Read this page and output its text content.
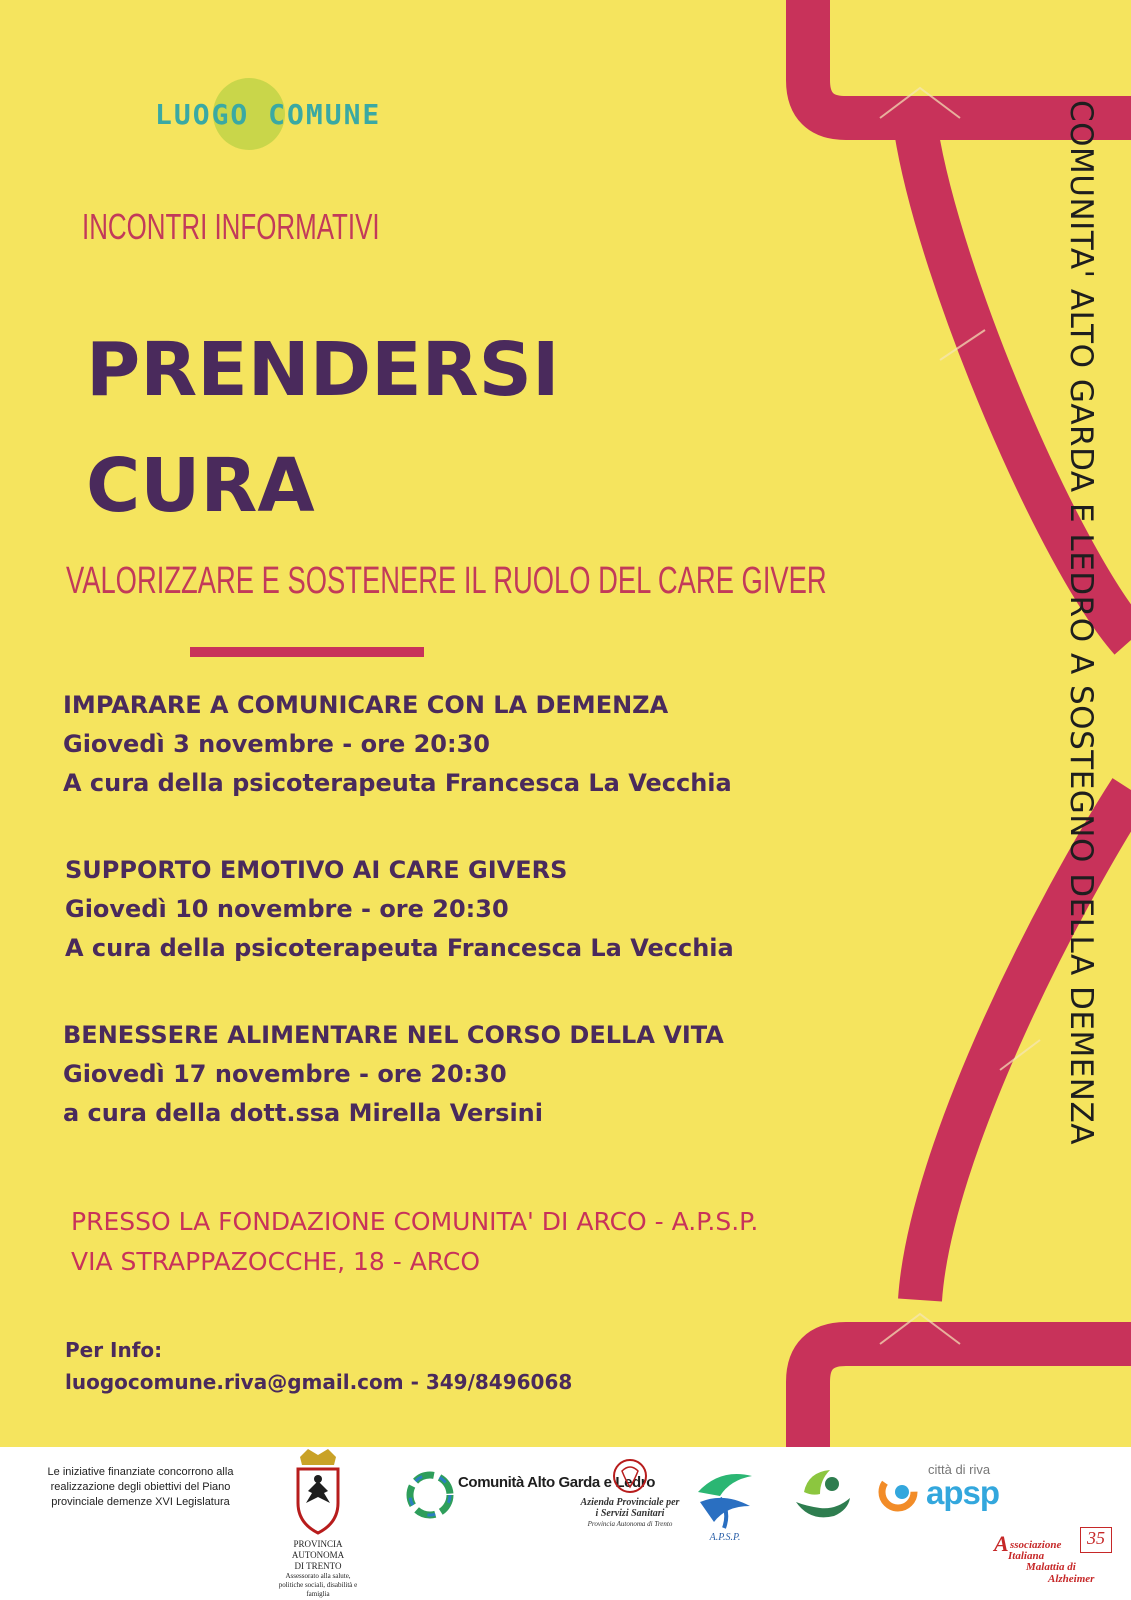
LUOGO COMUNE
INCONTRI INFORMATIVI
PRENDERSI
CURA
VALORIZZARE E SOSTENERE IL RUOLO DEL CARE GIVER
IMPARARE A COMUNICARE CON LA DEMENZA
Giovedì 3 novembre - ore 20:30
A cura della psicoterapeuta Francesca La Vecchia
SUPPORTO EMOTIVO AI CARE GIVERS
Giovedì 10 novembre - ore 20:30
A cura della psicoterapeuta Francesca La Vecchia
BENESSERE ALIMENTARE NEL CORSO DELLA VITA
Giovedì 17 novembre - ore 20:30
a cura della dott.ssa Mirella Versini
PRESSO LA FONDAZIONE COMUNITA' DI ARCO - A.P.S.P.
VIA STRAPPAZOCCHE, 18 - ARCO
Per Info:
luogocomune.riva@gmail.com - 349/8496068
COMUNITA' ALTO GARDA E LEDRO A SOSTEGNO DELLA DEMENZA
Le iniziative finanziate concorrono alla realizzazione degli obiettivi del Piano provinciale demenze XVI Legislatura
PROVINCIA AUTONOMA
DI TRENTO
Assessorato alla salute,
politiche sociali, disabilità e famiglia
Comunità Alto Garda e Ledro
Azienda Provinciale per i Servizi Sanitari
Provincia Autonoma di Trento
A.P.S.P.
città di riva
apsp
A ssociazione
Italiana
Malattia di
Alzheimer
35
